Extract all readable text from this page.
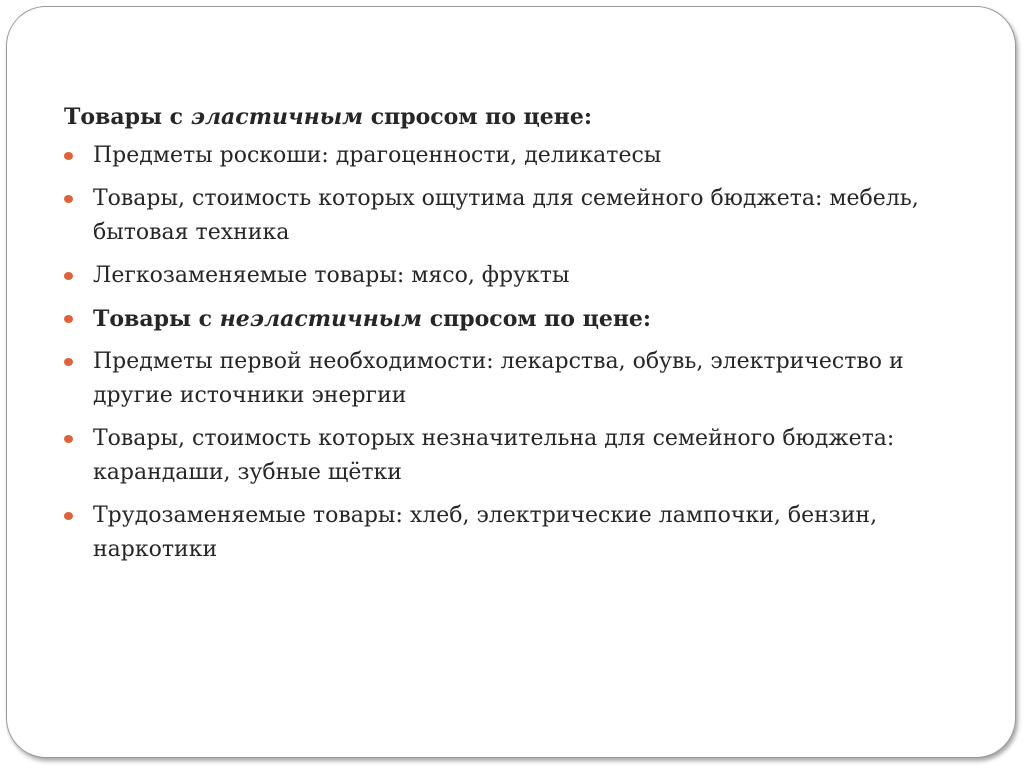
Товары с эластичным спросом по цене:

Предметы роскоши: драгоценности, деликатесы
Товары, стоимость которых ощутима для семейного бюджета: мебель, бытовая техника
Легкозаменяемые товары: мясо, фрукты
Товары с неэластичным спросом по цене:
Предметы первой необходимости: лекарства, обувь, электричество и другие источники энергии
Товары, стоимость которых незначительна для семейного бюджета: карандаши, зубные щётки
Трудозаменяемые товары: хлеб, электрические лампочки, бензин, наркотики
